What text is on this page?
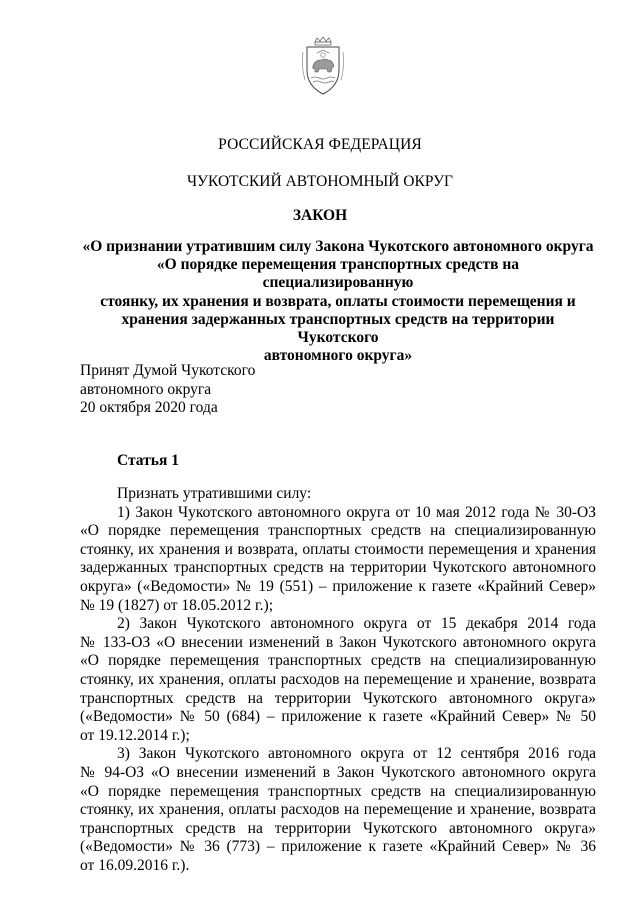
РОССИЙСКАЯ ФЕДЕРАЦИЯ
ЧУКОТСКИЙ АВТОНОМНЫЙ ОКРУГ
ЗАКОН
«О признании утратившим силу Закона Чукотского автономного округа
«О порядке перемещения транспортных средств на специализированную
стоянку, их хранения и возврата, оплаты стоимости перемещения и
хранения задержанных транспортных средств на территории Чукотского
автономного округа»
Принят Думой Чукотского
автономного округа
20 октября 2020 года
Статья 1
Признать утратившими силу:
1) Закон Чукотского автономного округа от 10 мая 2012 года № 30-ОЗ
«О порядке перемещения транспортных средств на специализированную
стоянку, их хранения и возврата, оплаты стоимости перемещения и хранения
задержанных транспортных средств на территории Чукотского автономного
округа» («Ведомости» № 19 (551) – приложение к газете «Крайний Север»
№ 19 (1827) от 18.05.2012 г.);
2) Закон Чукотского автономного округа от 15 декабря 2014 года
№ 133-ОЗ «О внесении изменений в Закон Чукотского автономного округа
«О порядке перемещения транспортных средств на специализированную
стоянку, их хранения, оплаты расходов на перемещение и хранение, возврата
транспортных средств на территории Чукотского автономного округа»
(«Ведомости» № 50 (684) – приложение к газете «Крайний Север» № 50
от 19.12.2014 г.);
3) Закон Чукотского автономного округа от 12 сентября 2016 года
№ 94-ОЗ «О внесении изменений в Закон Чукотского автономного округа
«О порядке перемещения транспортных средств на специализированную
стоянку, их хранения, оплаты расходов на перемещение и хранение, возврата
транспортных средств на территории Чукотского автономного округа»
(«Ведомости» № 36 (773) – приложение к газете «Крайний Север» № 36
от 16.09.2016 г.).
